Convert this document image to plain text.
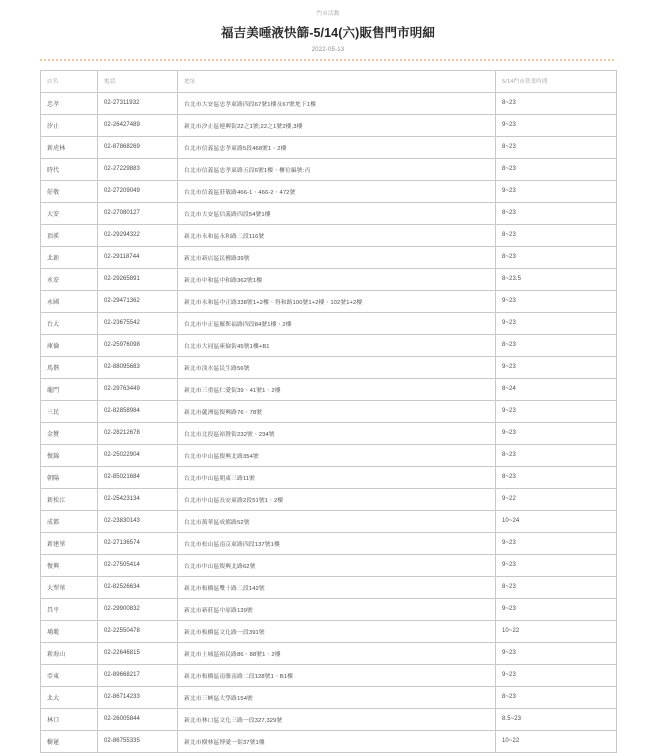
門市活動
福吉美唾液快篩-5/14(六)販售門市明細
2022-05-13
店名	電話	地址	5/14門市營業時間
忠孝	02-27311932	台北市大安區忠孝東路四段67號1樓及67號地下1樓	8~23
汐止	02-26427489	新北市汐止區連興街22之1號;22之1號2樓,3樓	9~23
新虎林	02-87868269	台北市信義區忠孝東路5段468號1、2樓	8~23
時代	02-27229883	台北市信義區忠孝東路五段6號1樓、櫃位編號:丙	8~23
莊敬	02-27209049	台北市信義區莊敬路466-1、466-2、472號	9~23
大安	02-27080127	台北市大安區信義路四段54號1樓	8~23
頂溪	02-29294322	新北市永和區永和路二段116號	8~23
北新	02-29118744	新北市新店區民權路39號	8~23
永安	02-29265891	新北市中和區中和路362號1樓	8~23.5
永國	02-29471362	新北市永和區中正路338號1+2樓、得和路100號1+2樓、102號1+2樓	9~23
台大	02-23675542	台北市中正區羅斯福路四段84號1樓、2樓	9~23
庫倫	02-25976098	台北市大同區庫倫街45號1樓+B1	8~23
馬偕	02-88095683	新北市淡水區民生路56號	9~23
龍門	02-29763449	新北市三重區仁愛街39、41號1、2樓	8~24
三民	02-82858984	新北市蘆洲區復興路76、78號	9~23
金贊	02-28212678	台北市北投區裕贊街232號、234號	9~23
復錦	02-25022904	台北市中山區復興北路354號	8~23
朝陽	02-85021684	台北市中山區朝東三路11號	8~23
新松江	02-25423134	台北市中山區長安東路2段51號1、2樓	9~22
成都	02-23830143	台北市萬華區成都路52號	10~24
新建華	02-27136574	台北市松山區南京東路四段137號1樓	9~23
復興	02-27505414	台北市中山區復興北路62號	9~23
大翠華	02-82526634	新北市板橋區雙十路二段142號	8~23
昌平	02-29900832	新北市新莊區中原路139號	9~23
埔墘	02-22550478	新北市板橋區文化路一段391號	10~22
新海山	02-22646815	新北市土城區裕民路86、88號1、2樓	9~23
亞東	02-89668217	新北市板橋區南雅南路二段128號1、B1樓	9~23
北大	02-86714233	新北市三峽區大學路154號	8~23
林口	02-26005844	新北市林口區文化三路一段327,329號	8.5~23
樹蓮	02-86755335	新北市樹林區博愛一街37號1樓	10~22
